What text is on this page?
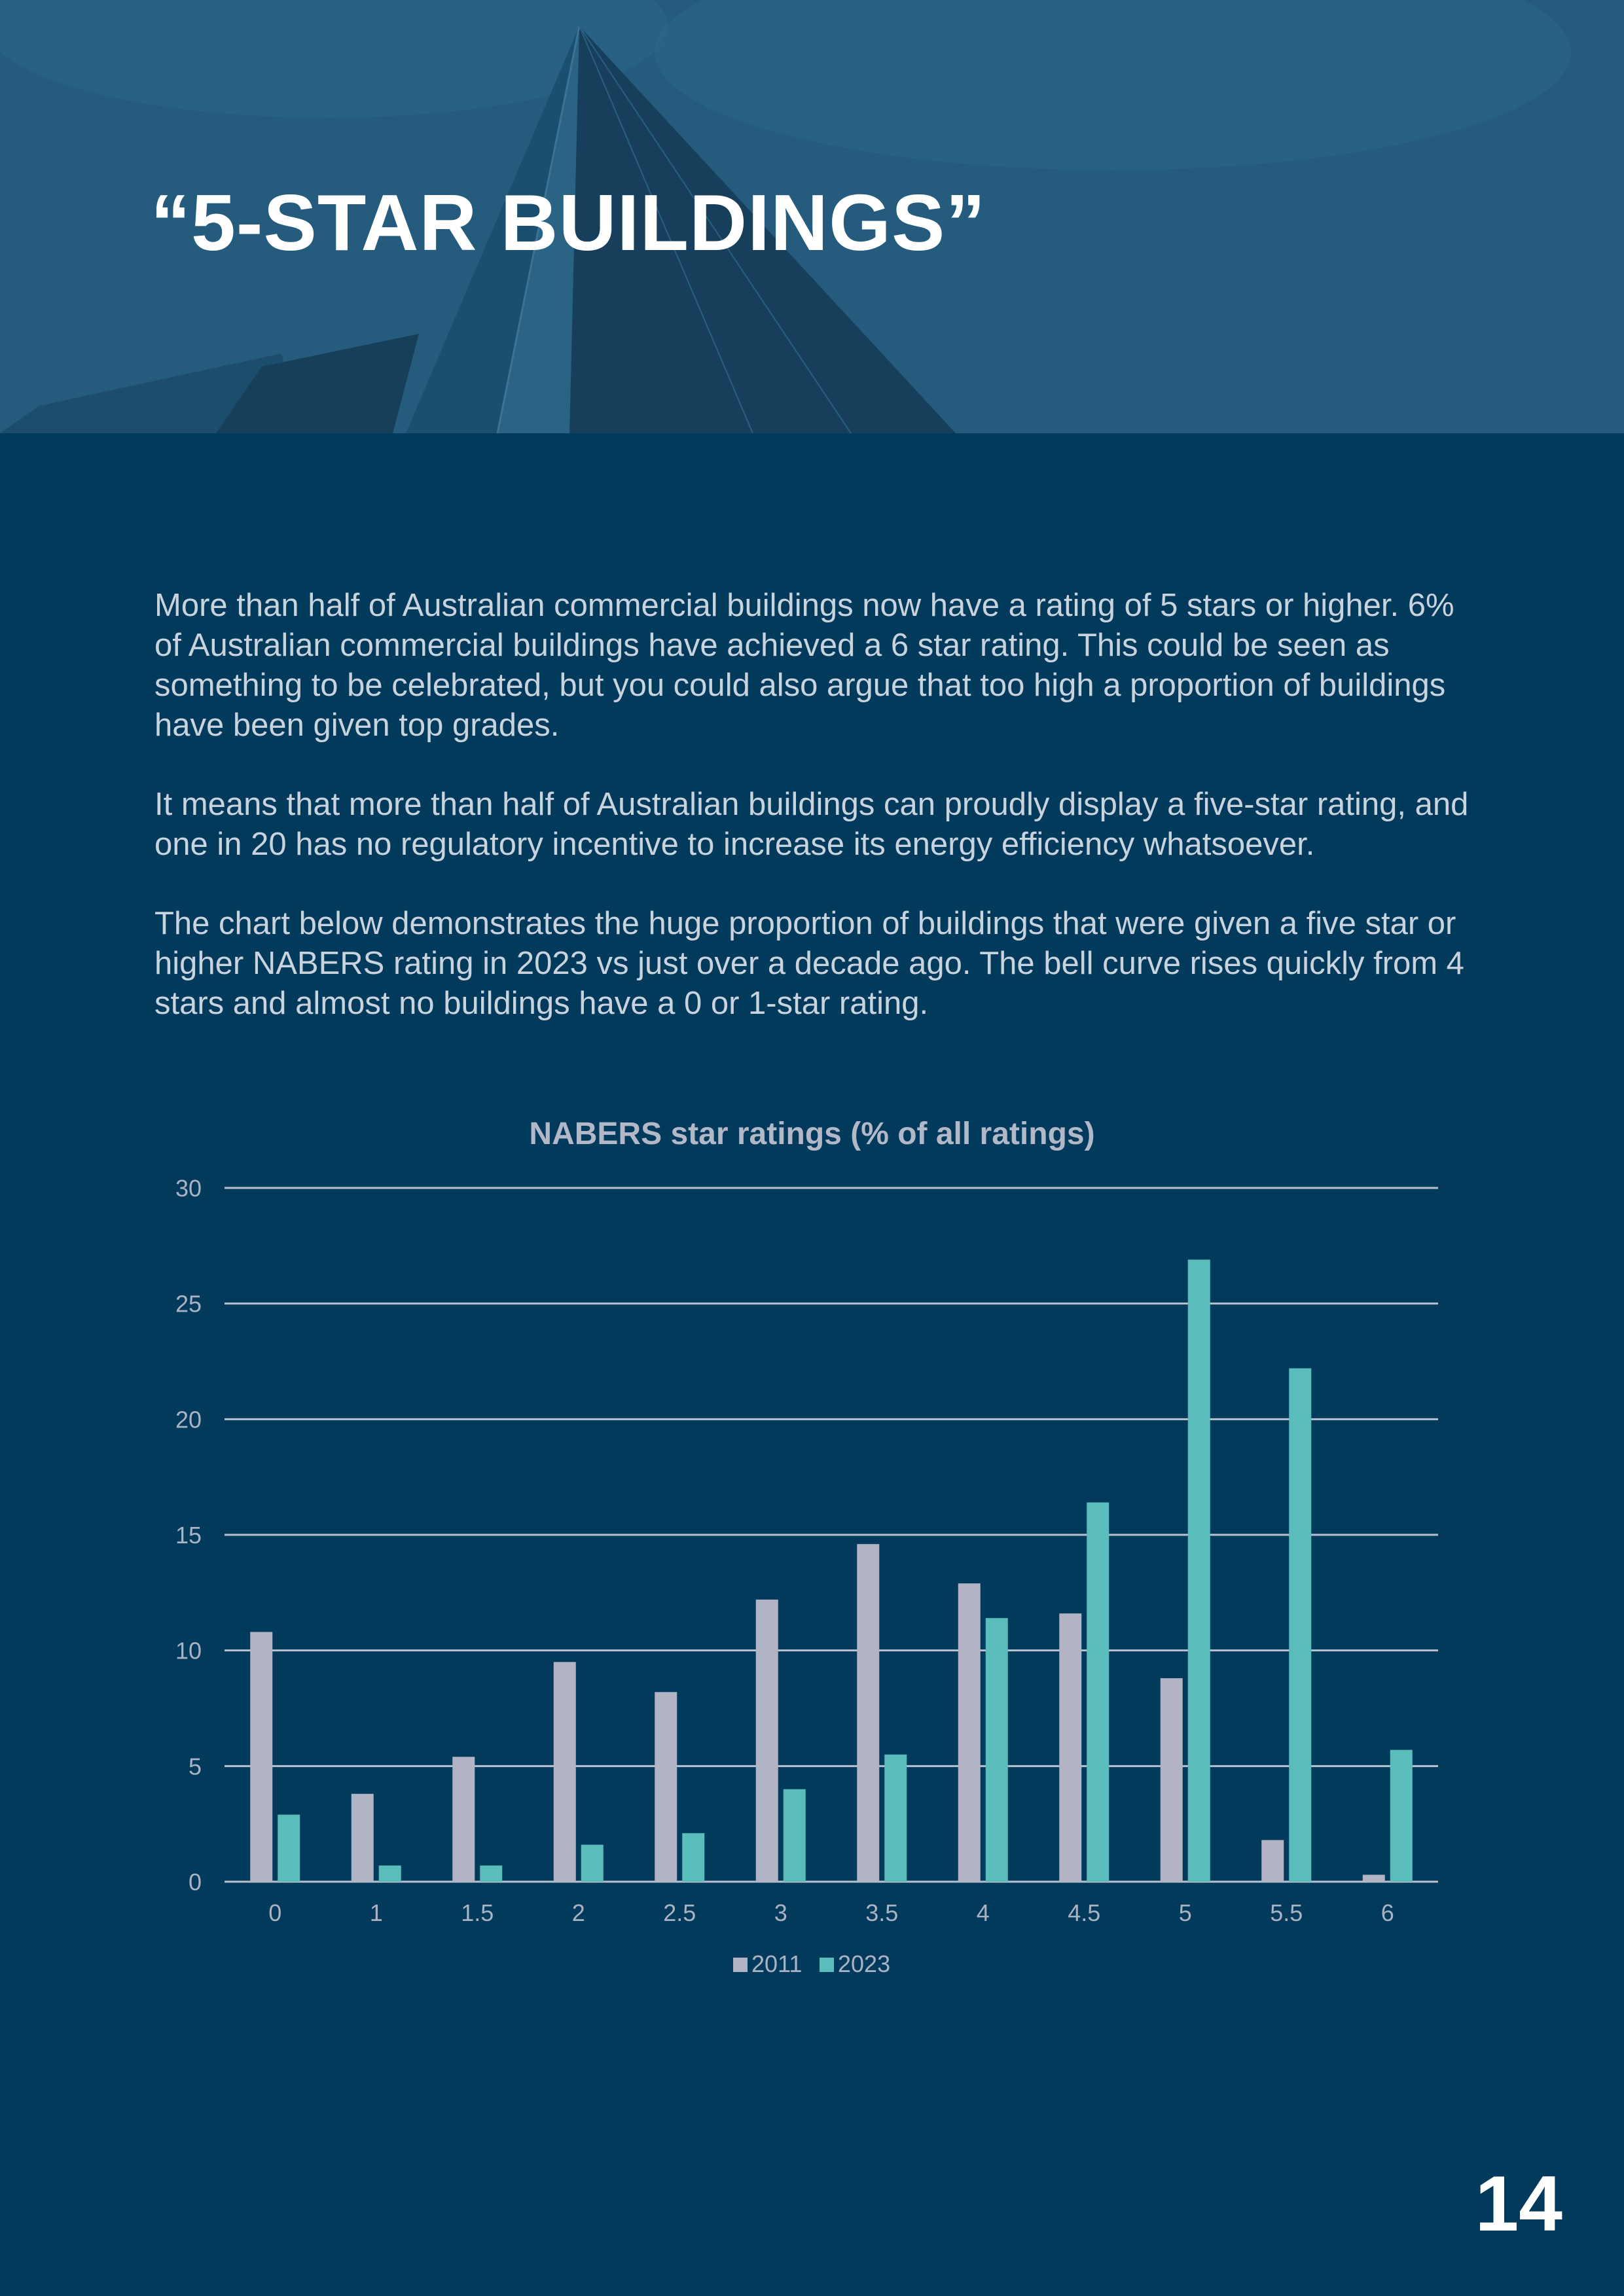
“5-STAR BUILDINGS”

More than half of Australian commercial buildings now have a rating of 5 stars or higher. 6% of Australian commercial buildings have achieved a 6 star rating. This could be seen as something to be celebrated, but you could also argue that too high a proportion of buildings have been given top grades.

It means that more than half of Australian buildings can proudly display a five-star rating, and one in 20 has no regulatory incentive to increase its energy efficiency whatsoever.

The chart below demonstrates the huge proportion of buildings that were given a five star or higher NABERS rating in 2023 vs just over a decade ago. The bell curve rises quickly from 4 stars and almost no buildings have a 0 or 1-star rating.

NABERS star ratings (% of all ratings)
0
5
10
15
20
25
30
0	1	1.5	2	2.5	3	3.5	4	4.5	5	5.5	6
2011 2023
14
